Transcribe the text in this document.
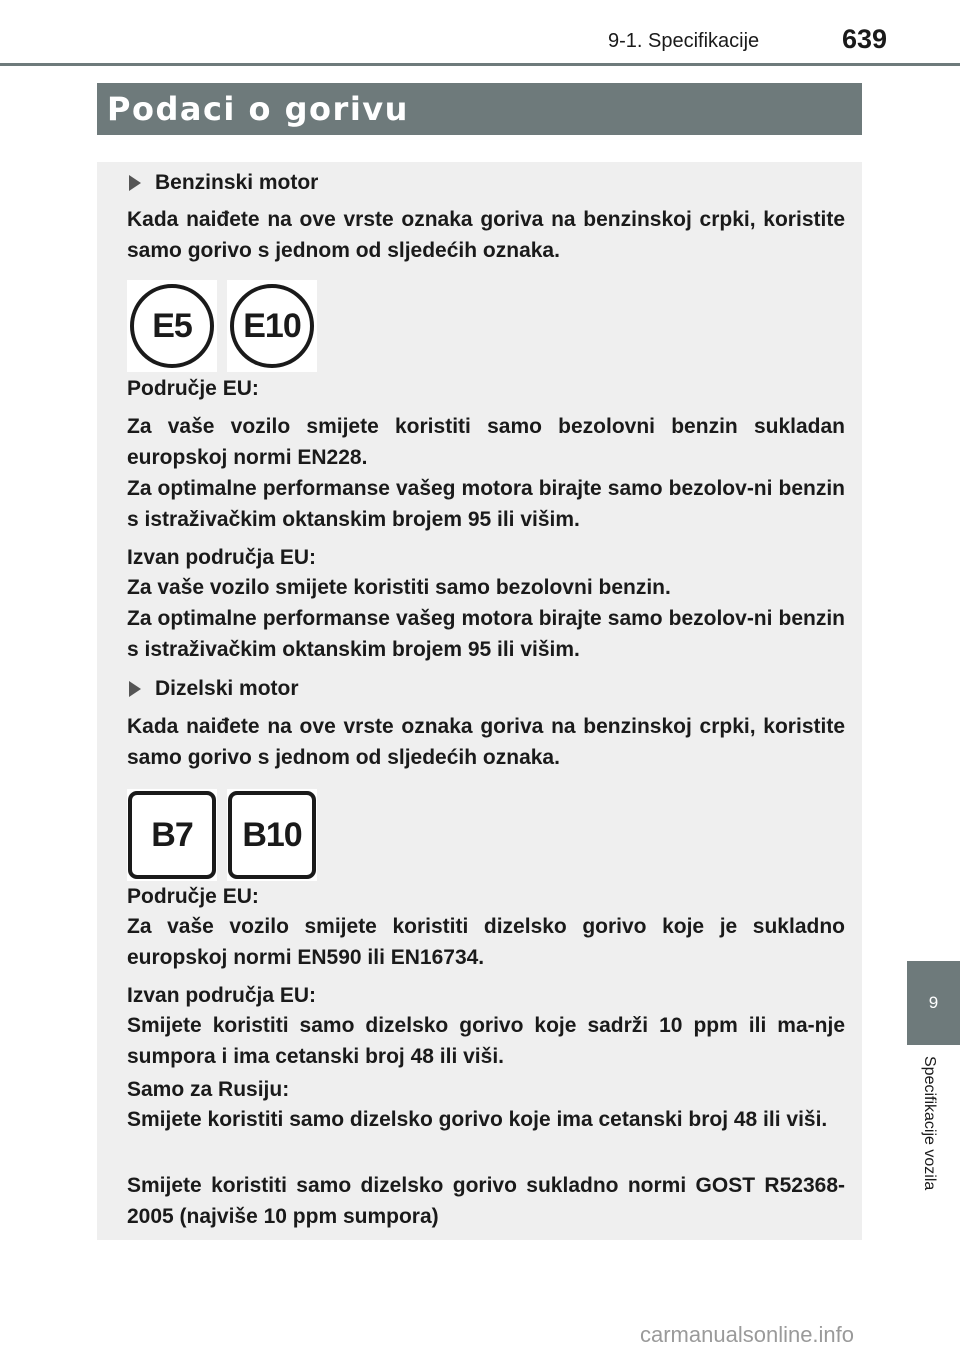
9-1. Specifikacije	639
Podaci o gorivu
Benzinski motor
Kada naiđete na ove vrste oznaka goriva na benzinskoj crpki, koristite samo gorivo s jednom od sljedećih oznaka.
E5	E10
Područje EU:
Za vaše vozilo smijete koristiti samo bezolovni benzin sukladan europskoj normi EN228.
Za optimalne performanse vašeg motora birajte samo bezolov-ni benzin s istraživačkim oktanskim brojem 95 ili višim.
Izvan područja EU:
Za vaše vozilo smijete koristiti samo bezolovni benzin.
Za optimalne performanse vašeg motora birajte samo bezolov-ni benzin s istraživačkim oktanskim brojem 95 ili višim.
Dizelski motor
Kada naiđete na ove vrste oznaka goriva na benzinskoj crpki, koristite samo gorivo s jednom od sljedećih oznaka.
B7	B10
Područje EU:
Za vaše vozilo smijete koristiti dizelsko gorivo koje je sukladno europskoj normi EN590 ili EN16734.
Izvan područja EU:
Smijete koristiti samo dizelsko gorivo koje sadrži 10 ppm ili ma-nje sumpora i ima cetanski broj 48 ili viši.
Samo za Rusiju:
Smijete koristiti samo dizelsko gorivo koje ima cetanski broj 48 ili viši.
Smijete koristiti samo dizelsko gorivo sukladno normi GOST R52368-2005 (najviše 10 ppm sumpora)
9
Specifikacije vozila
carmanualsonline.info
